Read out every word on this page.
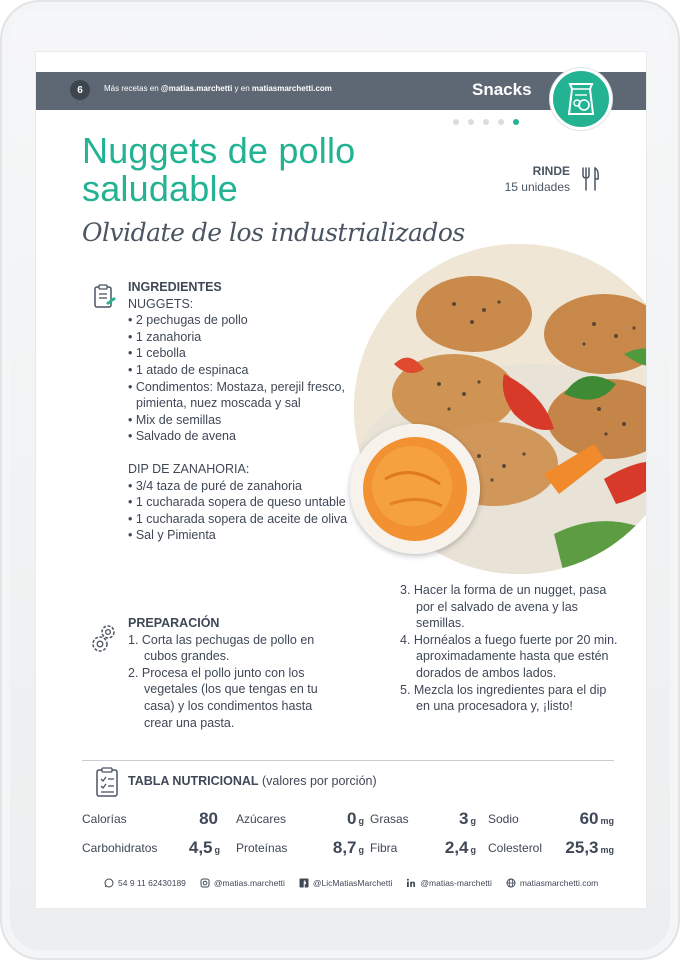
6	Más recetas en @matias.marchetti y en matiasmarchetti.com	Snacks
Nuggets de pollo
saludable
Olvidate de los industrializados
RINDE
15 unidades
INGREDIENTES
NUGGETS:
• 2 pechugas de pollo
• 1 zanahoria
• 1 cebolla
• 1 atado de espinaca
• Condimentos: Mostaza, perejil fresco, pimienta, nuez moscada y sal
• Mix de semillas
• Salvado de avena
DIP DE ZANAHORIA:
• 3/4 taza de puré de zanahoria
• 1 cucharada sopera de queso untable
• 1 cucharada sopera de aceite de oliva
• Sal y Pimienta
PREPARACIÓN
1. Corta las pechugas de pollo en cubos grandes.
2. Procesa el pollo junto con los vegetales (los que tengas en tu casa) y los condimentos hasta crear una pasta.
3. Hacer la forma de un nugget, pasa por el salvado de avena y las semillas.
4. Hornéalos a fuego fuerte por 20 min. aproximadamente hasta que estén dorados de ambos lados.
5. Mezcla los ingredientes para el dip en una procesadora y, ¡listo!
TABLA NUTRICIONAL (valores por porción)
Calorías	80 Azúcares	0 g Grasas	3 g Sodio	60 mg
Carbohidratos 4,5 g Proteínas	8,7 g Fibra	2,4 g Colesterol 25,3 mg
54 9 11 62430189	@matias.marchetti	@LicMatiasMarchetti	@matias-marchetti	matiasmarchetti.com
